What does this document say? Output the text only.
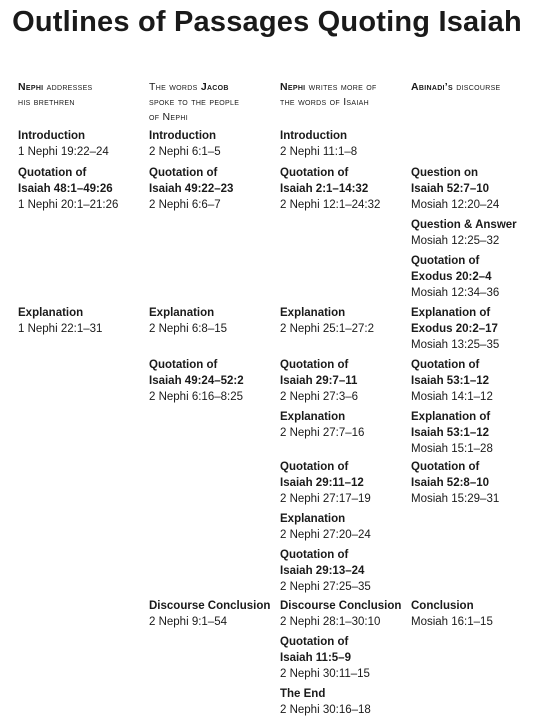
Outlines of Passages Quoting Isaiah
Nephi addresses
his brethren
Introduction
1 Nephi 19:22–24
Quotation of
Isaiah 48:1–49:26
1 Nephi 20:1–21:26
Explanation
1 Nephi 22:1–31
The words Jacob
spoke to the people
of Nephi
Introduction
2 Nephi 6:1–5
Quotation of
Isaiah 49:22–23
2 Nephi 6:6–7
Explanation
2 Nephi 6:8–15
Quotation of
Isaiah 49:24–52:2
2 Nephi 6:16–8:25
Discourse Conclusion
2 Nephi 9:1–54
Nephi writes more of
the words of Isaiah
Introduction
2 Nephi 11:1–8
Quotation of
Isaiah 2:1–14:32
2 Nephi 12:1–24:32
Explanation
2 Nephi 25:1–27:2
Quotation of
Isaiah 29:7–11
2 Nephi 27:3–6
Explanation
2 Nephi 27:7–16
Quotation of
Isaiah 29:11–12
2 Nephi 27:17–19
Explanation
2 Nephi 27:20–24
Quotation of
Isaiah 29:13–24
2 Nephi 27:25–35
Discourse Conclusion
2 Nephi 28:1–30:10
Quotation of
Isaiah 11:5–9
2 Nephi 30:11–15
The End
2 Nephi 30:16–18
Abinadi’s discourse
Question on
Isaiah 52:7–10
Mosiah 12:20–24
Question & Answer
Mosiah 12:25–32
Quotation of
Exodus 20:2–4
Mosiah 12:34–36
Explanation of
Exodus 20:2–17
Mosiah 13:25–35
Quotation of
Isaiah 53:1–12
Mosiah 14:1–12
Explanation of
Isaiah 53:1–12
Mosiah 15:1–28
Quotation of
Isaiah 52:8–10
Mosiah 15:29–31
Conclusion
Mosiah 16:1–15
